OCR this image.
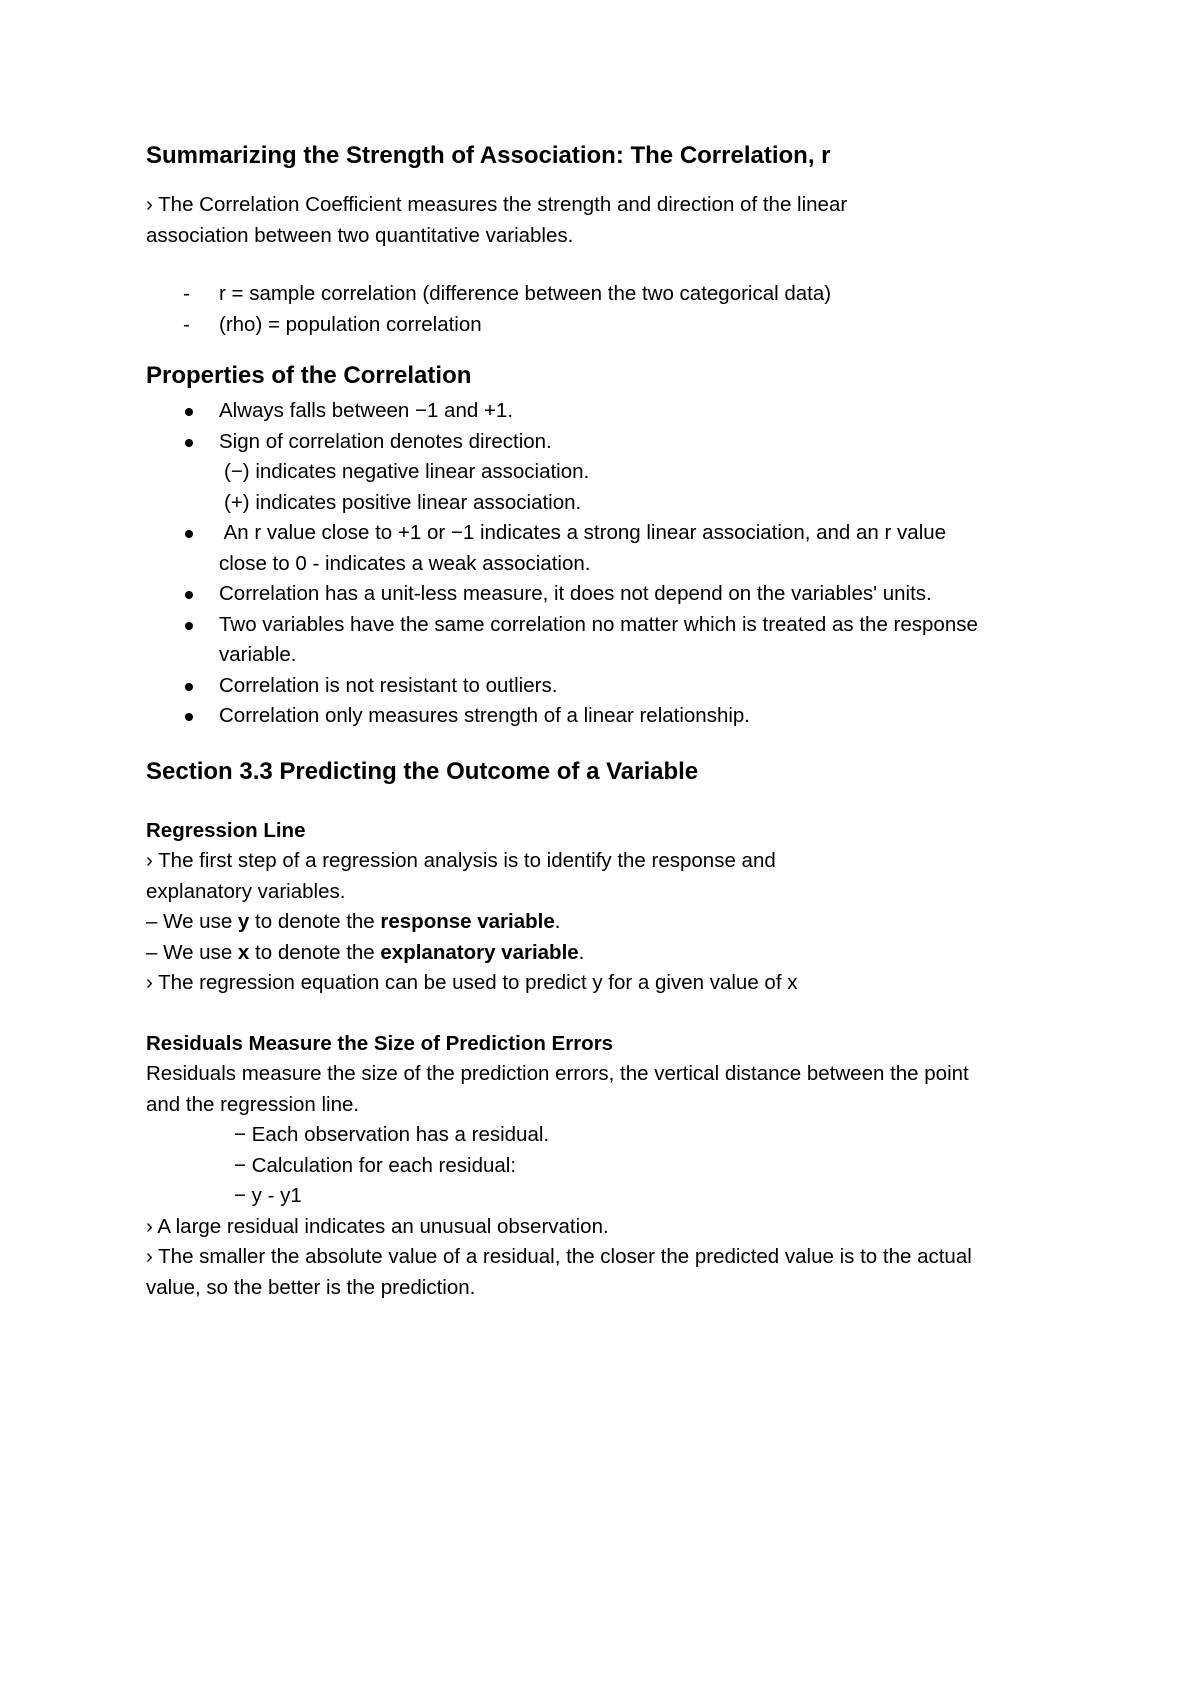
Summarizing the Strength of Association: The Correlation, r

› The Correlation Coefficient measures the strength and direction of the linear

association between two quantitative variables.

- r = sample correlation (difference between the two categorical data)
- (rho) = population correlation
Properties of the Correlation
Always falls between −1 and +1.
Sign of correlation denotes direction.
(−) indicates negative linear association.
(+) indicates positive linear association.
An r value close to +1 or −1 indicates a strong linear association, and an r value
close to 0 - indicates a weak association.
Correlation has a unit-less measure, it does not depend on the variables' units.
Two variables have the same correlation no matter which is treated as the response
variable.
Correlation is not resistant to outliers.
Correlation only measures strength of a linear relationship.
Section 3.3 Predicting the Outcome of a Variable
Regression Line

› The first step of a regression analysis is to identify the response and

explanatory variables.

– We use y to denote the response variable.

– We use x to denote the explanatory variable.

› The regression equation can be used to predict y for a given value of x

Residuals Measure the Size of Prediction Errors

Residuals measure the size of the prediction errors, the vertical distance between the point

and the regression line.

− Each observation has a residual.

− Calculation for each residual:

− y - y1

› A large residual indicates an unusual observation.

› The smaller the absolute value of a residual, the closer the predicted value is to the actual

value, so the better is the prediction.
